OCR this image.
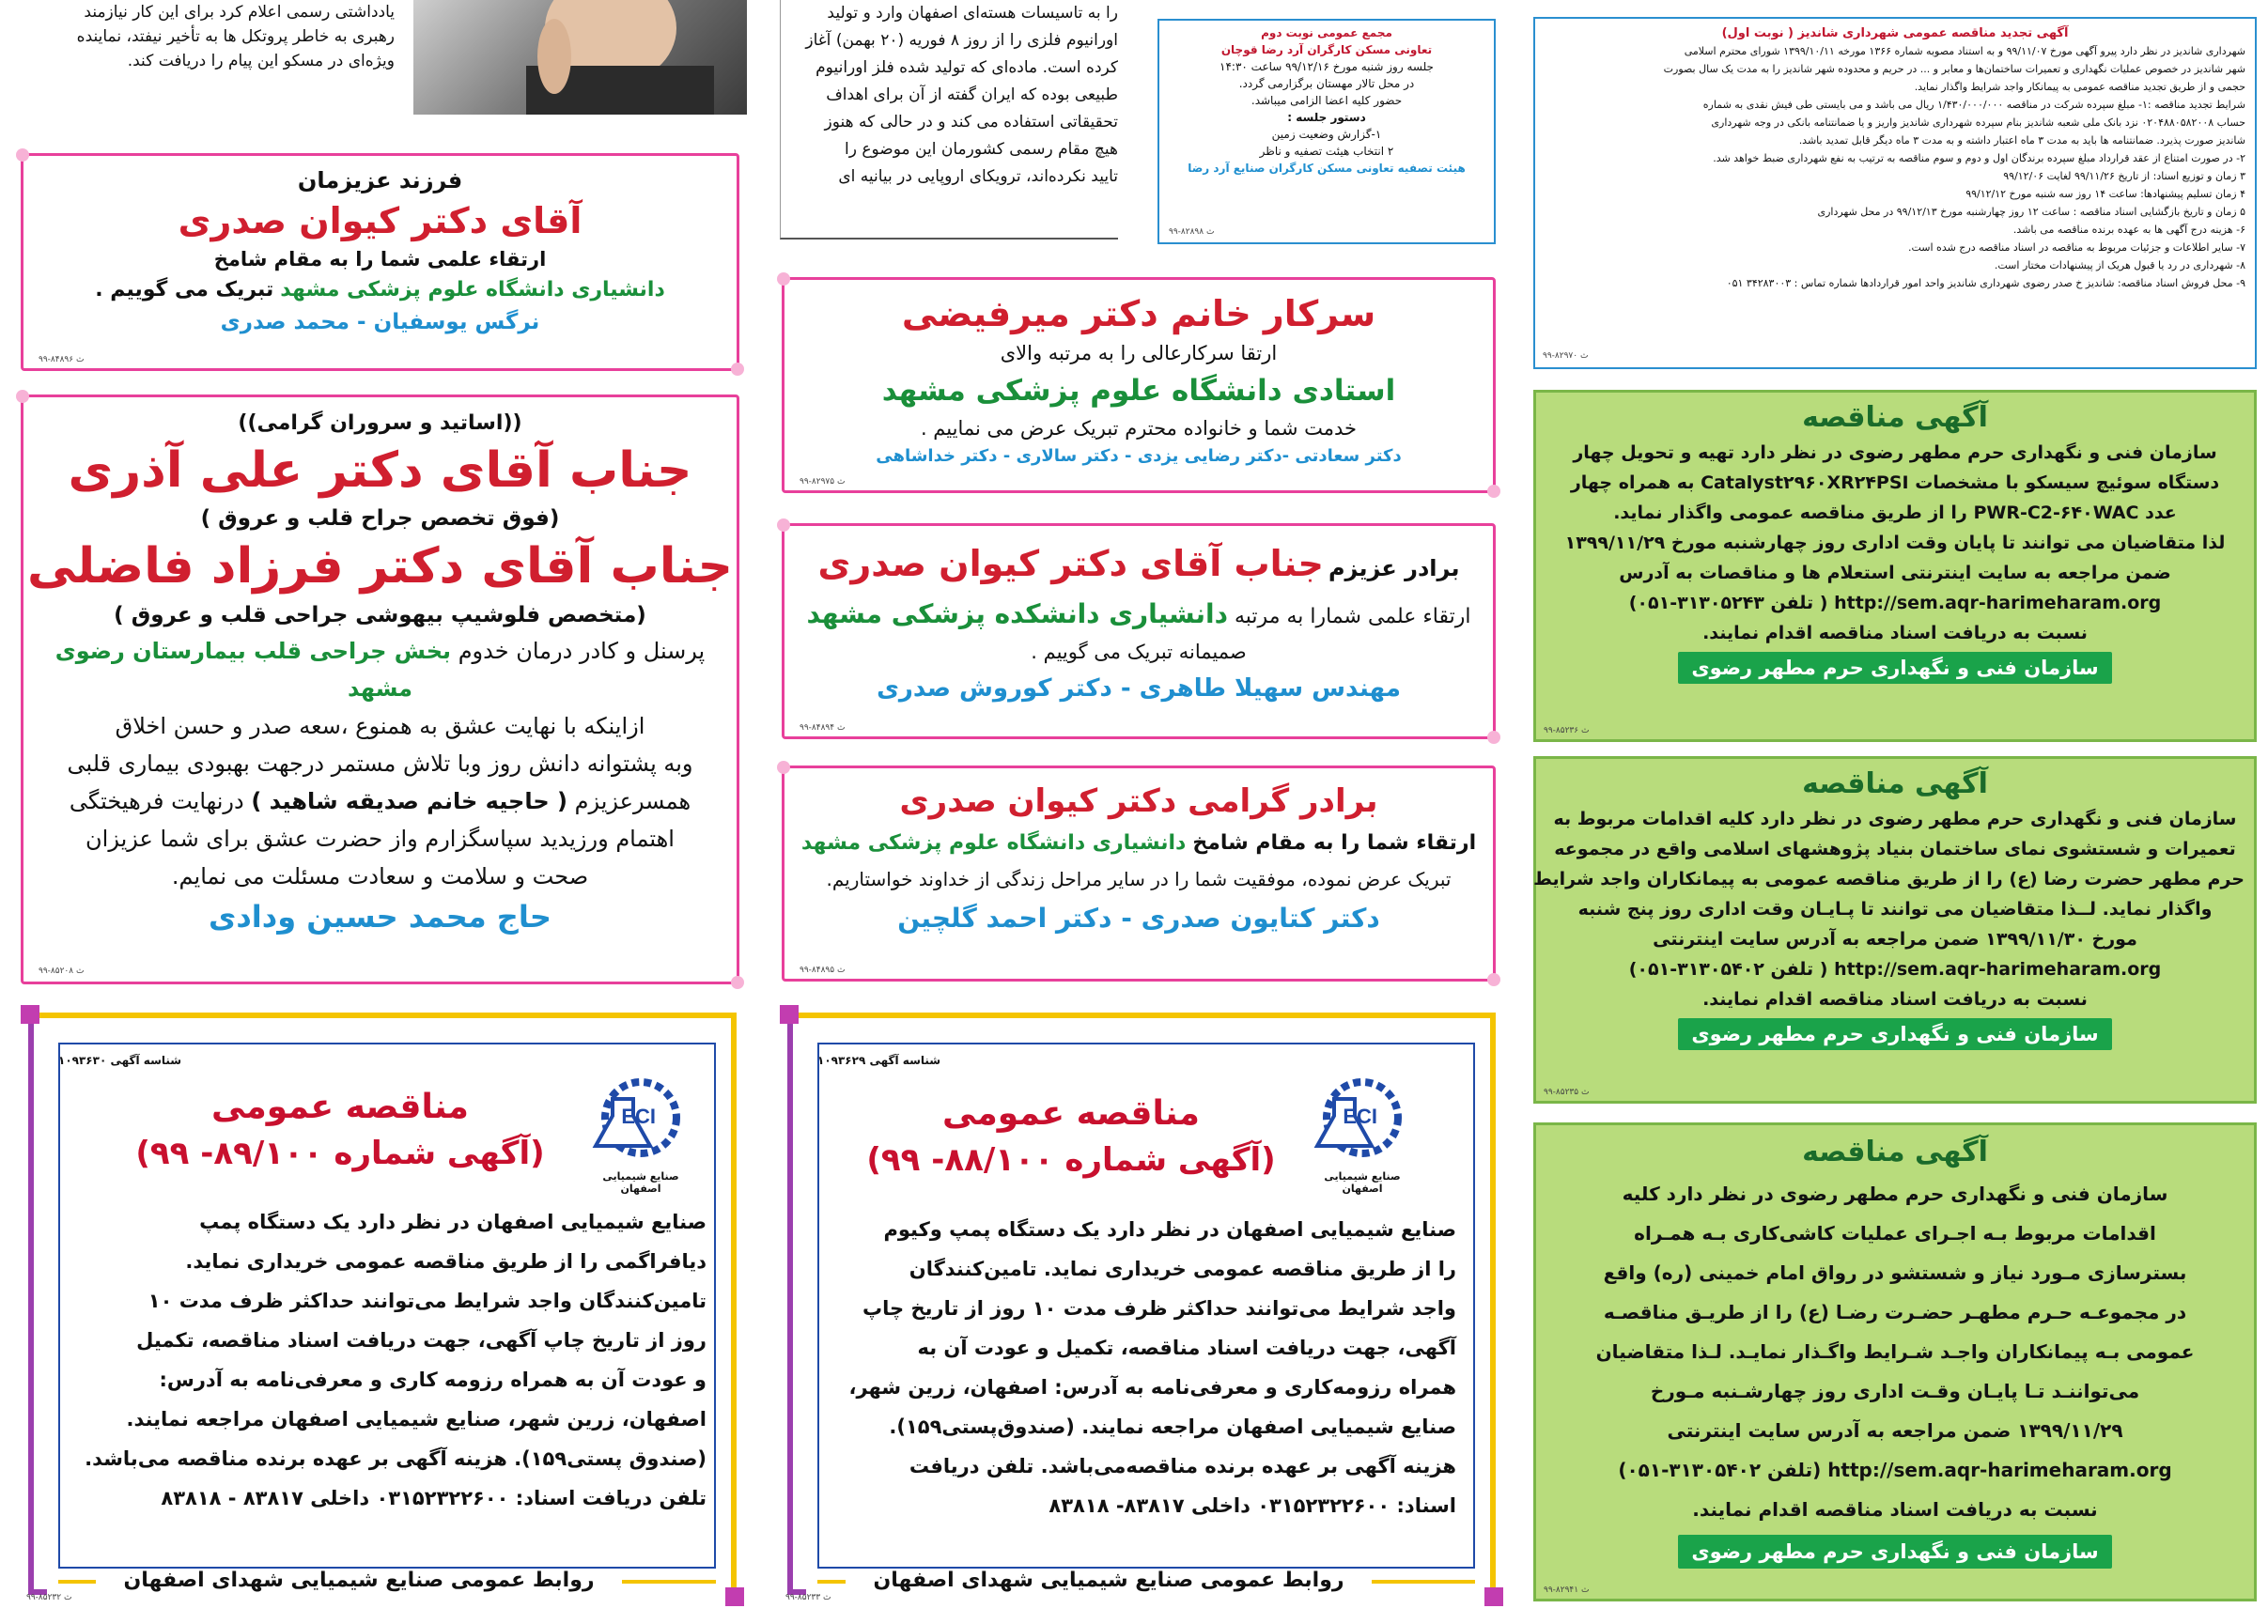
یادداشتی رسمی اعلام کرد برای این کار نیازمند
رهبری به خاطر پروتکل ها به تأخیر نیفتد، نماینده
ویژه‌ای در مسکو این پیام را دریافت کند.
را به تاسیسات هسته‌ای اصفهان وارد و تولید
اورانیوم فلزی را از روز ۸ فوریه (۲۰ بهمن) آغاز
کرده است. ماده‌ای که تولید شده فلز اورانیوم
طبیعی بوده که ایران گفته از آن برای اهداف
تحقیقاتی استفاده می کند و در حالی که هنوز
هیچ مقام رسمی کشورمان این موضوع را
تایید نکرده‌اند، ترویکای اروپایی در بیانیه ای
مجمع عمومی نوبت دوم
تعاونی مسکن کارگران آرد رضا قوچان
جلسه روز شنبه مورخ ۹۹/۱۲/۱۶ ساعت ۱۴:۳۰
در محل تالار مهستان برگزارمی گردد.
حضور کلیه اعضا الزامی میباشد.
دستور جلسه :
۱-گزارش وضعیت زمین
۲ انتخاب هیئت تصفیه و ناظر
هیئت تصفیه تعاونی مسکن کارگران صنایع آرد رضا
۹۹-۸۲۸۹۸ ث
آگهی تجدید مناقصه عمومی شهرداری شاندیز ( نوبت اول)
شهرداری شاندیز در نظر دارد پیرو آگهی مورخ ۹۹/۱۱/۰۷ و به استناد مصوبه شماره ۱۳۶۶ مورخه ۱۳۹۹/۱۰/۱۱ شورای محترم اسلامی
شهر شاندیز در خصوص عملیات نگهداری و تعمیرات ساختمان‌ها و معابر و ... در حریم و محدوده شهر شاندیز را به مدت یک سال بصورت
حجمی و از طریق تجدید مناقصه عمومی به پیمانکار واجد شرایط واگذار نماید.
شرایط تجدید مناقصه :۱- مبلغ سپرده شرکت در مناقصه ۱/۴۳۰/۰۰۰/۰۰۰ ریال می باشد و می بایستی طی فیش نقدی به شماره
حساب ۰۲۰۴۸۸۰۵۸۲۰۰۸ نزد بانک ملی شعبه شاندیز بنام سپرده شهرداری شاندیز واریز و یا ضمانتنامه بانکی در وجه شهرداری
شاندیز صورت پذیرد. ضمانتنامه ها باید به مدت ۳ ماه اعتبار داشته و به مدت ۳ ماه دیگر قابل تمدید باشد.
۲- در صورت امتناع از عقد قرارداد مبلغ سپرده برندگان اول و دوم و سوم مناقصه به ترتیب به نفع شهرداری ضبط خواهد شد.
۳ زمان و توزیع اسناد: از تاریخ ۹۹/۱۱/۲۶ لغایت ۹۹/۱۲/۰۶
۴ زمان تسلیم پیشنهادها: ساعت ۱۴ روز سه شنبه مورخ ۹۹/۱۲/۱۲
۵ زمان و تاریخ بازگشایی اسناد مناقصه : ساعت ۱۲ روز چهارشنبه مورخ ۹۹/۱۲/۱۳ در محل شهرداری
۶- هزینه درج آگهی ها به عهده برنده مناقصه می باشد.
۷- سایر اطلاعات و جزئیات مربوط به مناقصه در اسناد مناقصه درج شده است.
۸- شهرداری در رد یا قبول هریک از پیشنهادات مختار است.
۹- محل فروش اسناد مناقصه: شاندیز خ صدر رضوی شهرداری شاندیز واحد امور قراردادها شماره تماس : ۳۴۲۸۳۰۰۳ ۰۵۱
۹۹-۸۲۹۷۰ ث
فرزند عزیزمان
آقای دکتر کیوان صدری
ارتقاء علمی شما را به مقام شامخ
دانشیاری دانشگاه علوم پزشکی مشهد تبریک می گوییم .
نرگس یوسفیان - محمد صدری
۹۹-۸۴۸۹۶ ث
((اساتید و سروران گرامی))
جناب آقای دکتر علی آذری
(فوق تخصص جراح قلب و عروق )
جناب آقای دکتر فرزاد فاضلی
(متخصص فلوشیپ بیهوشی جراحی قلب و عروق )
پرسنل و کادر درمان خدوم بخش جراحی قلب بیمارستان رضوی مشهد
ازاینکه با نهایت عشق به همنوع ،سعه صدر و حسن اخلاق
وبه پشتوانه دانش روز وبا تلاش مستمر درجهت بهبودی بیماری قلبی
همسرعزیزم ( حاجیه خانم صدیقه شاهید ) درنهایت فرهیختگی
اهتمام ورزیدید سپاسگزارم واز حضرت عشق برای شما عزیزان
صحت و سلامت و سعادت مسئلت می نمایم.
حاج محمد حسین ودادی
۹۹-۸۵۲۰۸ ث
سرکار خانم دکتر میرفیضی
ارتقا سرکارعالی را به مرتبه والای
استادی دانشگاه علوم پزشکی مشهد
خدمت شما و خانواده محترم تبریک عرض می نماییم .
دکتر سعادتی -دکتر رضایی یزدی - دکتر سالاری - دکتر خداشاهی
۹۹-۸۲۹۷۵ ث
برادر عزیزم جناب آقای دکتر کیوان صدری
ارتقاء علمی شمارا به مرتبه دانشیاری دانشکده پزشکی مشهد
صمیمانه تبریک می گوییم .
مهندس سهیلا طاهری - دکتر کوروش صدری
۹۹-۸۴۸۹۴ ث
برادر گرامی دکتر کیوان صدری
ارتقاء شما را به مقام شامخ دانشیاری دانشگاه علوم پزشکی مشهد
تبریک عرض نموده، موفقیت شما را در سایر مراحل زندگی از خداوند خواستاریم.
دکتر کتایون صدری - دکتر احمد گلچین
۹۹-۸۴۸۹۵ ث
آگهی مناقصه
سازمان فنی و نگهداری حرم مطهر رضوی در نظر دارد تهیه و تحویل چهار
دستگاه سوئیچ سیسکو با مشخصات Catalyst۲۹۶۰XR۲۴PSI به همراه چهار
عدد PWR-C2-۶۴۰WAC را از طریق مناقصه عمومی واگذار نماید.
لذا متقاضیان می توانند تا پایان وقت اداری روز چهارشنبه مورخ ۱۳۹۹/۱۱/۲۹
ضمن مراجعه به سایت اینترنتی استعلام ها و مناقصات به آدرس
http://sem.aqr-harimeharam.org ( تلفن ۳۱۳۰۵۲۴۳-۰۵۱)
نسبت به دریافت اسناد مناقصه اقدام نمایند.
سازمان فنی و نگهداری حرم مطهر رضوی
۹۹-۸۵۲۳۶ ث
آگهی مناقصه
سازمان فنی و نگهداری حرم مطهر رضوی در نظر دارد کلیه اقدامات مربوط به
تعمیرات و شستشوی نمای ساختمان بنیاد پژوهشهای اسلامی واقع در مجموعه
حرم مطهر حضرت رضا (ع) را از طریق مناقصه عمومی به پیمانکاران واجد شرایط
واگذار نماید. لــذا متقاضیان می توانند تا پـایـان وقت اداری روز پنج شنبه
مورخ ۱۳۹۹/۱۱/۳۰ ضمن مراجعه به آدرس سایت اینترنتی
http://sem.aqr-harimeharam.org ( تلفن ۳۱۳۰۵۴۰۲-۰۵۱)
نسبت به دریافت اسناد مناقصه اقدام نمایند.
سازمان فنی و نگهداری حرم مطهر رضوی
۹۹-۸۵۲۳۵ ث
آگهی مناقصه
سازمان فنی و نگهداری حرم مطهر رضوی در نظر دارد کلیه
اقدامات مربوط بـه اجـرای عملیات کاشی‌کاری بـه همـراه
بسترسازی مـورد نیاز و شستشو در رواق امام خمینی (ره) واقع
در مجموعـه حـرم مطهـر حضـرت رضـا (ع) را از طریـق مناقصـه
عمومی بـه پیمانکاران واجـد شـرایط واگـذار نمایـد. لـذا متقاضیان
می‌تواننـد تـا پایـان وقـت اداری روز چهارشـنبه مـورخ
۱۳۹۹/۱۱/۲۹ ضمن مراجعه به آدرس سایت اینترنتی
http://sem.aqr-harimeharam.org (تلفن ۳۱۳۰۵۴۰۲-۰۵۱)
نسبت به دریافت اسناد مناقصه اقدام نمایند.
سازمان فنی و نگهداری حرم مطهر رضوی
۹۹-۸۲۹۴۱ ث
شناسه آگهی ۱۰۹۳۶۳۰
ECI
صنایع شیمیایی اصفهان
مناقصه عمومی
(آگهی شماره ۸۹/۱۰۰- ۹۹)
صنایع شیمیایی اصفهان در نظر دارد یک دستگاه پمپ
دیافراگمی را از طریق مناقصه عمومی خریداری نماید.
تامین‌کنندگان واجد شرایط می‌توانند حداکثر ظرف مدت ۱۰
روز از تاریخ چاپ آگهی، جهت دریافت اسناد مناقصه، تکمیل
و عودت آن به همراه رزومه کاری و معرفی‌نامه به آدرس:
اصفهان، زرین شهر، صنایع شیمیایی اصفهان مراجعه نمایند.
(صندوق پستی۱۵۹). هزینه آگهی بر عهده برنده مناقصه می‌باشد.
تلفن دریافت اسناد: ۰۳۱۵۲۳۲۲۶۰۰ داخلی ۸۳۸۱۷ - ۸۳۸۱۸
روابط عمومی صنایع شیمیایی شهدای اصفهان
۹۹-۸۵۲۳۲ ث
شناسه آگهی ۱۰۹۳۶۲۹
ECI
صنایع شیمیایی اصفهان
مناقصه عمومی
(آگهی شماره ۸۸/۱۰۰- ۹۹)
صنایع شیمیایی اصفهان در نظر دارد یک دستگاه پمپ وکیوم
را از طریق مناقصه عمومی خریداری نماید. تامین‌کنندگان
واجد شرایط می‌توانند حداکثر ظرف مدت ۱۰ روز از تاریخ چاپ
آگهی، جهت دریافت اسناد مناقصه، تکمیل و عودت آن به
همراه رزومه‌کاری و معرفی‌نامه به آدرس: اصفهان، زرین شهر،
صنایع شیمیایی اصفهان مراجعه نمایند. (صندوق‌پستی۱۵۹).
هزینه آگهی بر عهده برنده مناقصه‌می‌باشد. تلفن دریافت
اسناد: ۰۳۱۵۲۳۲۲۶۰۰ داخلی ۸۳۸۱۷- ۸۳۸۱۸
روابط عمومی صنایع شیمیایی شهدای اصفهان
۹۹-۸۵۲۳۳ ث
